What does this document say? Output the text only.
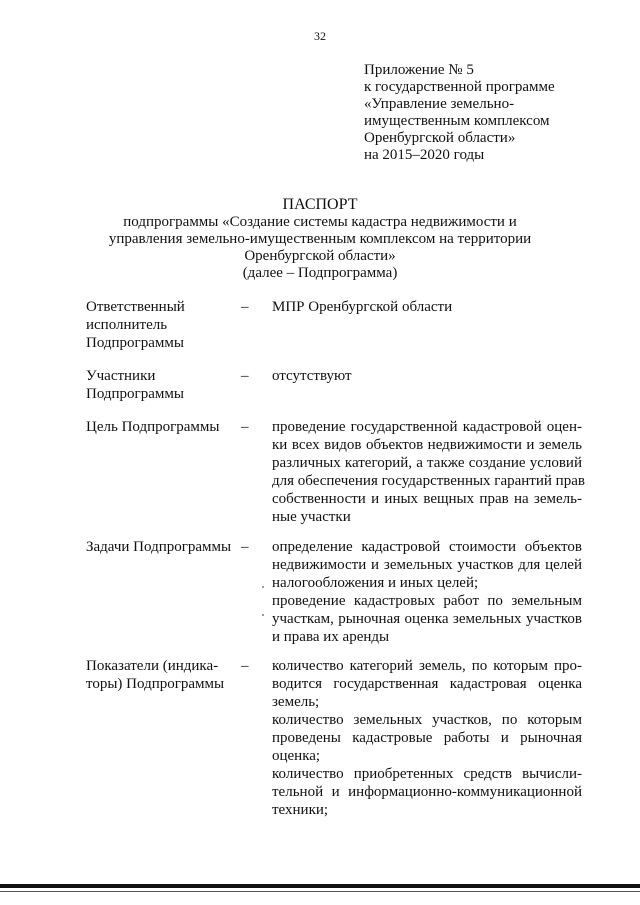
32
Приложение № 5
к государственной программе
«Управление земельно-
имущественным комплексом
Оренбургской области»
на 2015–2020 годы
ПАСПОРТ
подпрограммы «Создание системы кадастра недвижимости и
управления земельно-имущественным комплексом на территории
Оренбургской области»
(далее – Подпрограмма)
Ответственный
исполнитель
Подпрограммы
– МПР Оренбургской области
Участники
Подпрограммы
– отсутствуют
Цель Подпрограммы	– проведение государственной кадастровой оцен-
ки всех видов объектов недвижимости и земель
различных категорий, а также создание условий
для обеспечения государственных гарантий прав
собственности и иных вещных прав на земель-
ные участки
Задачи Подпрограммы – определение кадастровой стоимости объектов
недвижимости и земельных участков для целей
налогообложения и иных целей;
проведение кадастровых работ по земельным
участкам, рыночная оценка земельных участков
и права их аренды
Показатели (индика-
торы) Подпрограммы
– количество категорий земель, по которым про-
водится государственная кадастровая оценка
земель;
количество земельных участков, по которым
проведены кадастровые работы и рыночная
оценка;
количество приобретенных средств вычисли-
тельной и информационно-коммуникационной
техники;
